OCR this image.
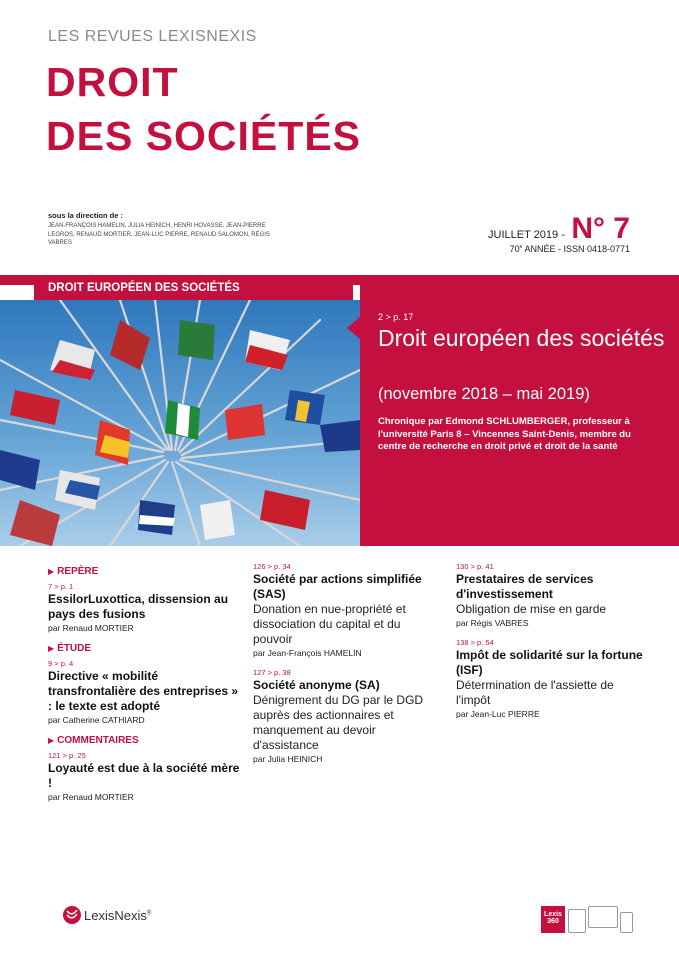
LES REVUES LEXISNEXIS
DROIT
DES SOCIÉTÉS
sous la direction de :
JEAN-FRANÇOIS HAMELIN, JULIA HEINICH, HENRI HOVASSE, JEAN-PIERRE LEGROS, RENAUD MORTIER, JEAN-LUC PIERRE, RENAUD SALOMON, RÉGIS VABRES
JUILLET 2019 - N° 7
70e ANNÉE - ISSN 0418-0771
DROIT EUROPÉEN DES SOCIÉTÉS
2 > p. 17
Droit européen des sociétés
(novembre 2018 – mai 2019)
Chronique par Edmond SCHLUMBERGER, professeur à l'université Paris 8 – Vincennes Saint-Denis, membre du centre de recherche en droit privé et droit de la santé
▶ REPÈRE
7 > p. 1
EssilorLuxottica, dissension au pays des fusions
par Renaud MORTIER
▶ ÉTUDE
9 > p. 4
Directive « mobilité transfrontalière des entreprises » : le texte est adopté
par Catherine CATHIARD
▶ COMMENTAIRES
121 > p. 25
Loyauté est due à la société mère !
par Renaud MORTIER
126 > p. 34
Société par actions simplifiée (SAS)
Donation en nue-propriété et dissociation du capital et du pouvoir
par Jean-François HAMELIN
127 > p. 38
Société anonyme (SA)
Dénigrement du DG par le DGD auprès des actionnaires et manquement au devoir d'assistance
par Julia HEINICH
130 > p. 41
Prestataires de services d'investissement
Obligation de mise en garde
par Régis VABRES
138 > p. 54
Impôt de solidarité sur la fortune (ISF)
Détermination de l'assiette de l'impôt
par Jean-Luc PIERRE
LexisNexis®	Lexis
360
